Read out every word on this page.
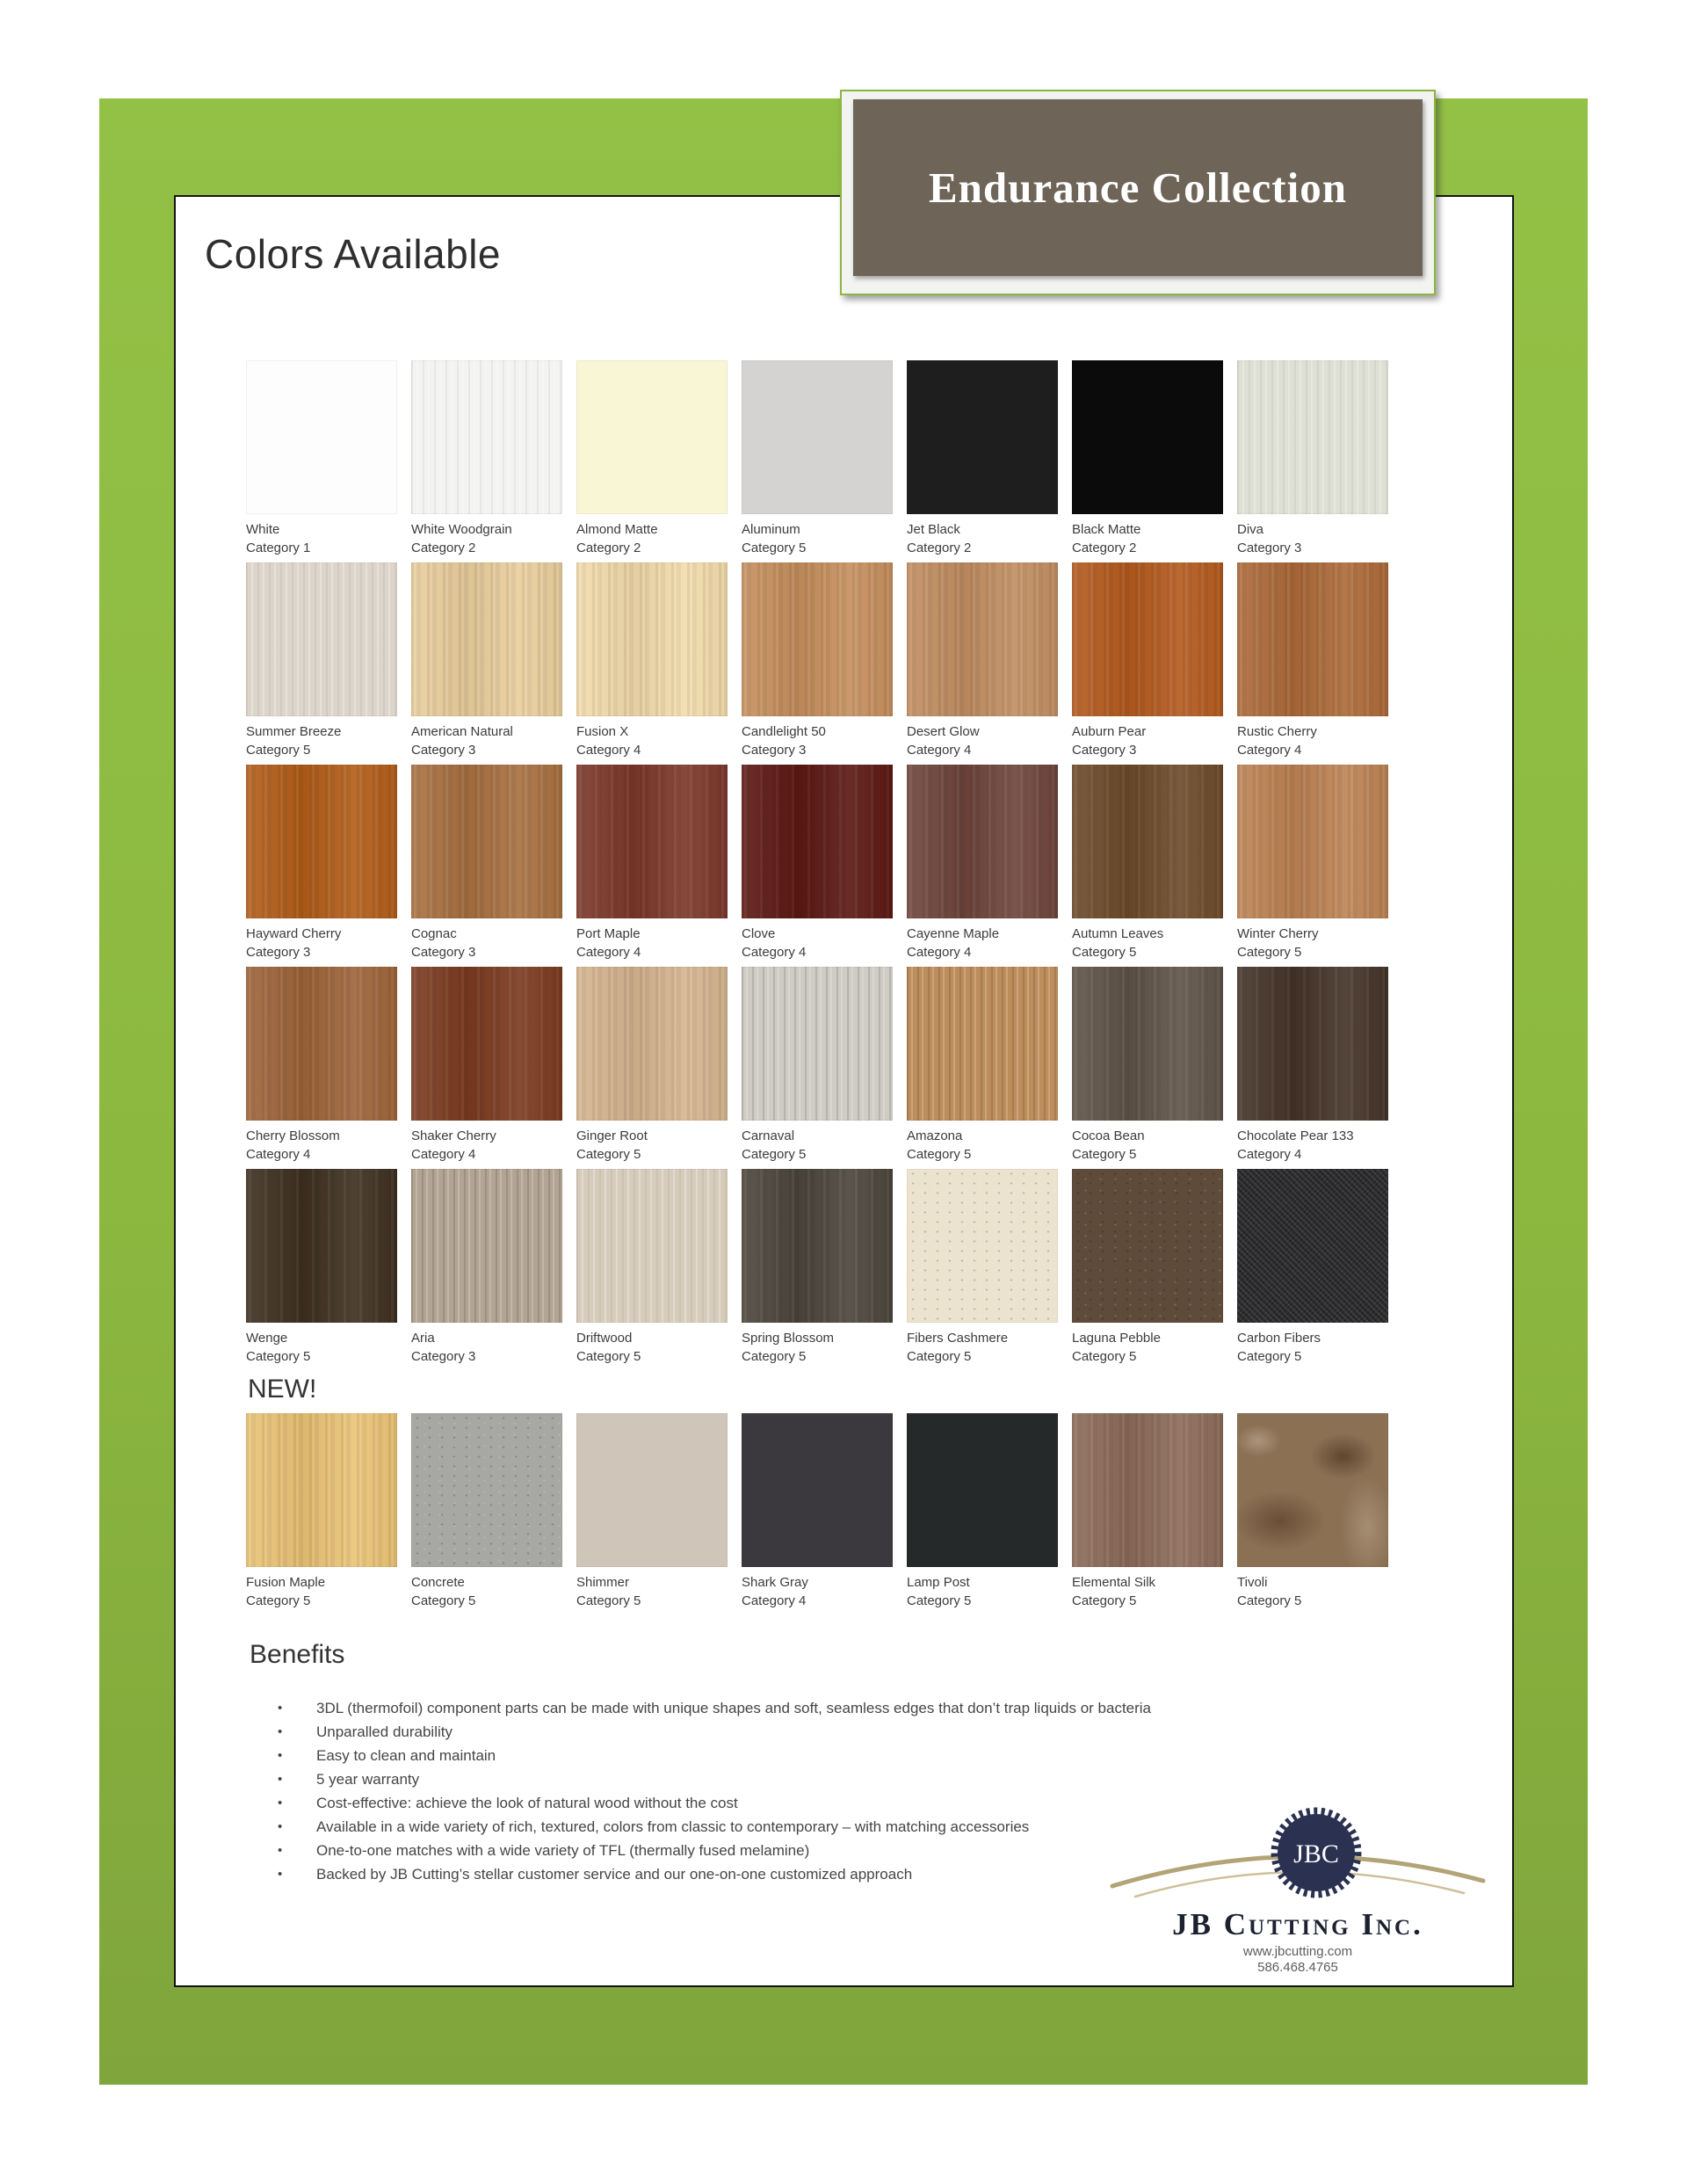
Colors Available
White
Category 1
White Woodgrain
Category 2
Almond Matte
Category 2
Aluminum
Category 5
Jet Black
Category 2
Black Matte
Category 2
Diva
Category 3
Summer Breeze
Category 5
American Natural
Category 3
Fusion X
Category 4
Candlelight 50
Category 3
Desert Glow
Category 4
Auburn Pear
Category 3
Rustic Cherry
Category 4
Hayward Cherry
Category 3
Cognac
Category 3
Port Maple
Category 4
Clove
Category 4
Cayenne Maple
Category 4
Autumn Leaves
Category 5
Winter Cherry
Category 5
Cherry Blossom
Category 4
Shaker Cherry
Category 4
Ginger Root
Category 5
Carnaval
Category 5
Amazona
Category 5
Cocoa Bean
Category 5
Chocolate Pear 133
Category 4
Wenge
Category 5
Aria
Category 3
Driftwood
Category 5
Spring Blossom
Category 5
Fibers Cashmere
Category 5
Laguna Pebble
Category 5
Carbon Fibers
Category 5
NEW!
Fusion Maple
Category 5
Concrete
Category 5
Shimmer
Category 5
Shark Gray
Category 4
Lamp Post
Category 5
Elemental Silk
Category 5
Tivoli
Category 5
Benefits
• 3DL (thermofoil) component parts can be made with unique shapes and soft, seamless edges that don’t trap liquids or bacteria
• Unparalled durability
• Easy to clean and maintain
• 5 year warranty
• Cost-effective: achieve the look of natural wood without the cost
• Available in a wide variety of rich, textured, colors from classic to contemporary – with matching accessories
• One-to-one matches with a wide variety of TFL (thermally fused melamine)
• Backed by JB Cutting’s stellar customer service and our one-on-one customized approach
JBC
JB Cutting Inc.
www.jbcutting.com
586.468.4765
Endurance Collection
